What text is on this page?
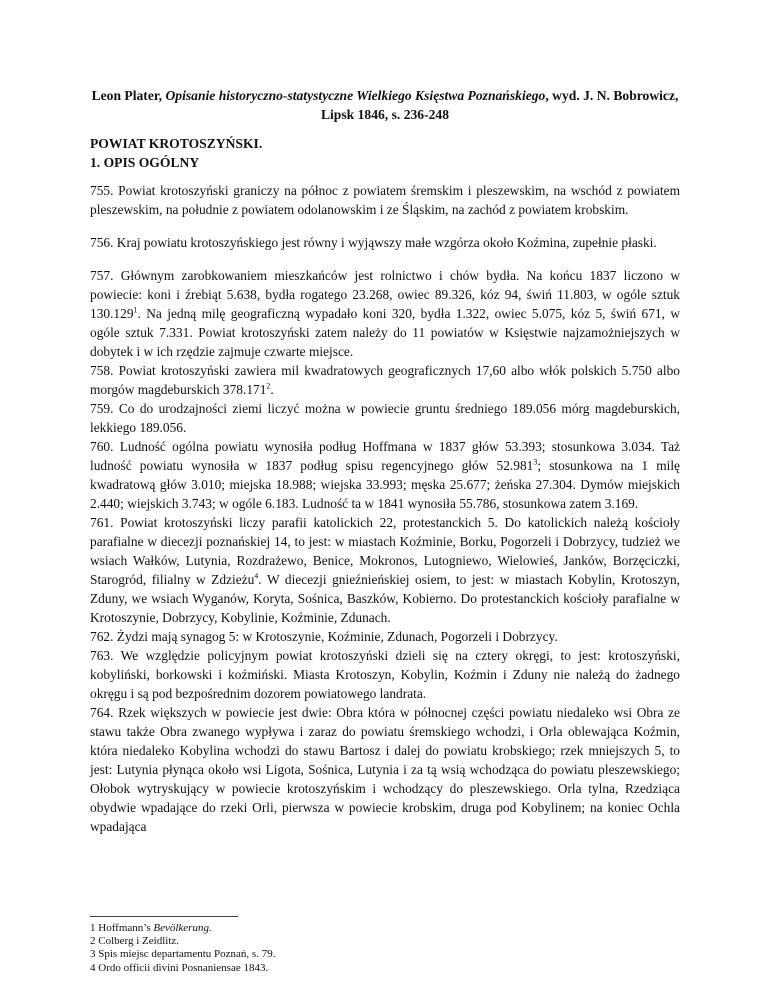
Leon Plater, Opisanie historyczno-statystyczne Wielkiego Księstwa Poznańskiego, wyd. J. N. Bobrowicz, Lipsk 1846, s. 236-248
POWIAT KROTOSZYŃSKI.
1. OPIS OGÓLNY

755. Powiat krotoszyński graniczy na północ z powiatem śremskim i pleszewskim, na wschód z powiatem pleszewskim, na południe z powiatem odolanowskim i ze Śląskim, na zachód z powiatem krobskim.

756. Kraj powiatu krotoszyńskiego jest równy i wyjąwszy małe wzgórza około Koźmina, zupełnie płaski.

757. Głównym zarobkowaniem mieszkańców jest rolnictwo i chów bydła. Na końcu 1837 liczono w powiecie: koni i źrebiąt 5.638, bydła rogatego 23.268, owiec 89.326, kóz 94, świń 11.803, w ogóle sztuk 130.129$^1$. Na jedną milę geograficzną wypadało koni 320, bydła 1.322, owiec 5.075, kóz 5, świń 671, w ogóle sztuk 7.331. Powiat krotoszyński zatem należy do 11 powiatów w Księstwie najzamożniejszych w dobytek i w ich rzędzie zajmuje czwarte miejsce.

758. Powiat krotoszyński zawiera mil kwadratowych geograficznych 17,60 albo włók polskich 5.750 albo morgów magdeburskich 378.171$^2$.

759. Co do urodzajności ziemi liczyć można w powiecie gruntu średniego 189.056 mórg magdeburskich, lekkiego 189.056.

760. Ludność ogólna powiatu wynosiła podług Hoffmana w 1837 głów 53.393; stosunkowa 3.034. Taż ludność powiatu wynosiła w 1837 podług spisu regencyjnego głów 52.981$^3$; stosunkowa na 1 milę kwadratową głów 3.010; miejska 18.988; wiejska 33.993; męska 25.677; żeńska 27.304. Dymów miejskich 2.440; wiejskich 3.743; w ogóle 6.183. Ludność ta w 1841 wynosiła 55.786, stosunkowa zatem 3.169.

761. Powiat krotoszyński liczy parafii katolickich 22, protestanckich 5. Do katolickich należą kościoły parafialne w diecezji poznańskiej 14, to jest: w miastach Koźminie, Borku, Pogorzeli i Dobrzycy, tudzież we wsiach Wałków, Lutynia, Rozdrażewo, Benice, Mokronos, Lutogniewo, Wielowieś, Janków, Borzęciczki, Starogród, filialny w Zdzieżu$^4$. W diecezji gnieźnieńskiej osiem, to jest: w miastach Kobylin, Krotoszyn, Zduny, we wsiach Wyganów, Koryta, Sośnica, Baszków, Kobierno. Do protestanckich kościoły parafialne w Krotoszynie, Dobrzycy, Kobylinie, Koźminie, Zdunach.

762. Żydzi mają synagog 5: w Krotoszynie, Koźminie, Zdunach, Pogorzeli i Dobrzycy.

763. We względzie policyjnym powiat krotoszyński dzieli się na cztery okręgi, to jest: krotoszyński, kobyliński, borkowski i koźmiński. Miasta Krotoszyn, Kobylin, Koźmin i Zduny nie należą do żadnego okręgu i są pod bezpośrednim dozorem powiatowego landrata.

764. Rzek większych w powiecie jest dwie: Obra która w północnej części powiatu niedaleko wsi Obra ze stawu także Obra zwanego wypływa i zaraz do powiatu śremskiego wchodzi, i Orla oblewająca Koźmin, która niedaleko Kobylina wchodzi do stawu Bartosz i dalej do powiatu krobskiego; rzek mniejszych 5, to jest: Lutynia płynąca około wsi Ligota, Sośnica, Lutynia i za tą wsią wchodząca do powiatu pleszewskiego; Ołobok wytryskujący w powiecie krotoszyńskim i wchodzący do pleszewskiego. Orla tylna, Rzedziąca obydwie wpadające do rzeki Orli, pierwsza w powiecie krobskim, druga pod Kobylinem; na koniec Ochla wpadająca

1 Hoffmann’s Bevölkerung.
2 Colberg i Zeidlitz.
3 Spis miejsc departamentu Poznań, s. 79.
4 Ordo officii divini Posnaniensae 1843.
